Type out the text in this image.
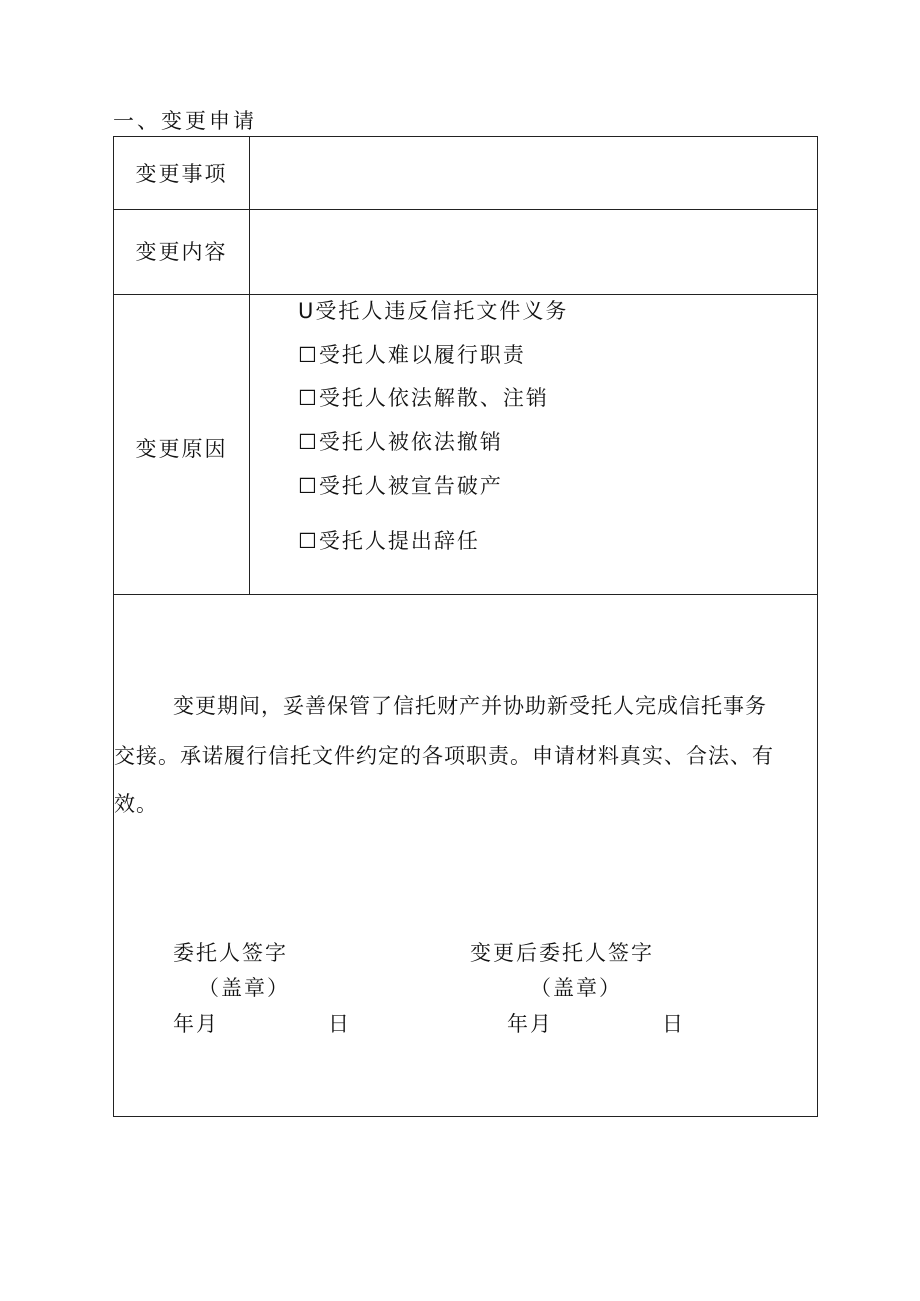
一、变更申请
变更事项
变更内容
变更原因
U受托人违反信托文件义务
☐受托人难以履行职责
☐受托人依法解散、注销
☐受托人被依法撤销
☐受托人被宣告破产
☐受托人提出辞任
变更期间，妥善保管了信托财产并协助新受托人完成信托事务
交接。承诺履行信托文件约定的各项职责。申请材料真实、合法、有
效。
委托人签字
（盖章）
年月	日
变更后委托人签字
（盖章）
年月	日
